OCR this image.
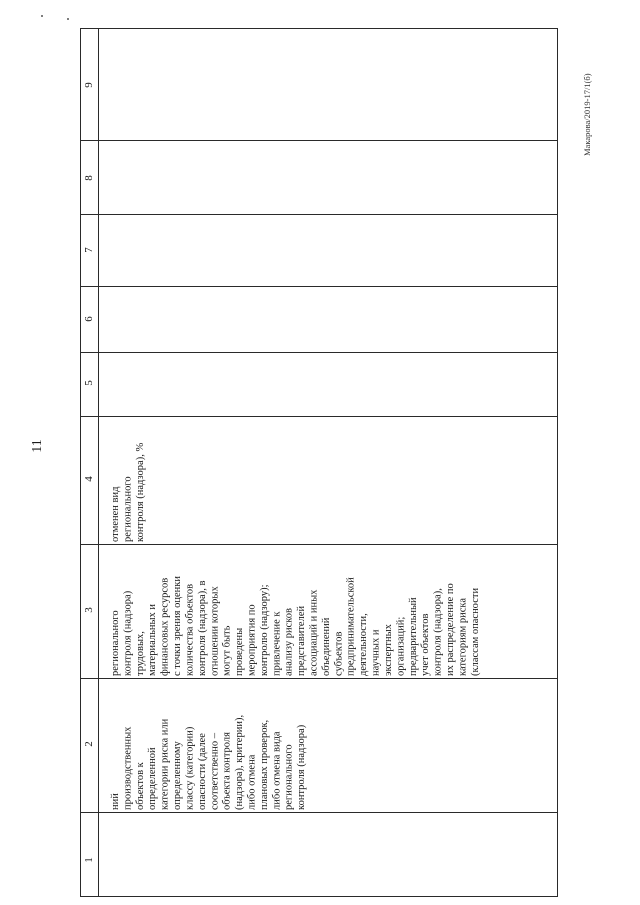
11
Макарова/2019-17/1(б)
9
8
7
6
5
4
3
2
1
отменен вид
регионального
контроля (надзора), %
регионального
контроля (надзора)
трудовых,
материальных и
финансовых ресурсов
с точки зрения оценки
количества объектов
контроля (надзора), в
отношении которых
могут быть
проведены
мероприятия по
контролю (надзору);
привлечение к
анализу рисков
представителей
ассоциаций и иных
объединений
субъектов
предпринимательской
деятельности,
научных и
экспертных
организаций;
предварительный
учет объектов
контроля (надзора),
их распределение по
категориям риска
(классам опасности
ний
производственных
объектов к
определенной
категории риска или
определенному
классу (категории)
опасности (далее
соответственно –
объекта контроля
(надзора), критерии),
либо отмена
плановых проверок,
либо отмена вида
регионального
контроля (надзора)
